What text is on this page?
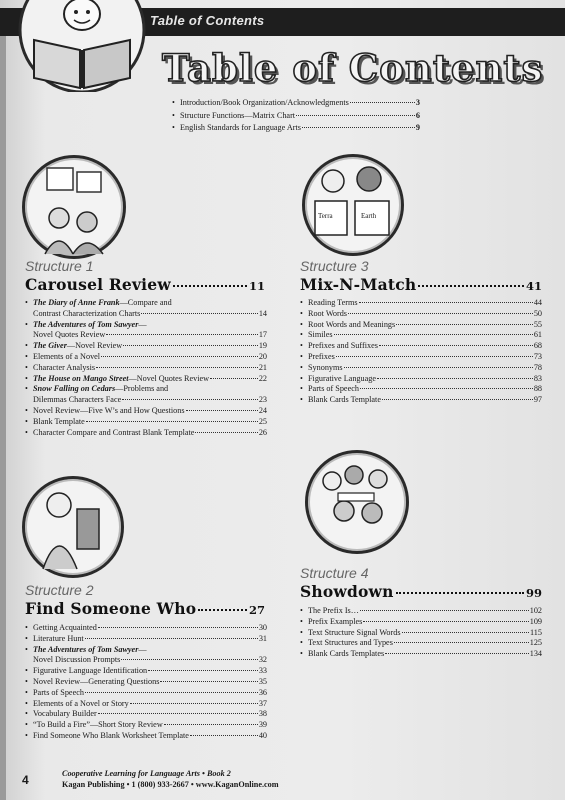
Table of Contents
Table of Contents
• Introduction/Book Organization/Acknowledgments	3
• Structure Functions—Matrix Chart	6
• English Standards for Language Arts	9
Terra	Earth
Structure 1
Carousel Review	11
• The Diary of Anne Frank—Compare and
Contrast Characterization Charts	14
• The Adventures of Tom Sawyer—
Novel Quotes Review	17
• The Giver—Novel Review	19
• Elements of a Novel	20
• Character Analysis	21
• The House on Mango Street—Novel Quotes Review	22
• Snow Falling on Cedars—Problems and
Dilemmas Characters Face	23
• Novel Review—Five W’s and How Questions	24
• Blank Template	25
• Character Compare and Contrast Blank Template	26
Structure 2
Find Someone Who	27
• Getting Acquainted	30
• Literature Hunt	31
• The Adventures of Tom Sawyer—
Novel Discussion Prompts	32
• Figurative Language Identification	33
• Novel Review—Generating Questions	35
• Parts of Speech	36
• Elements of a Novel or Story	37
• Vocabulary Builder	38
• “To Build a Fire”—Short Story Review	39
• Find Someone Who Blank Worksheet Template	40
Structure 3
Mix-N-Match	41
• Reading Terms	44
• Root Words	50
• Root Words and Meanings	55
• Similes	61
• Prefixes and Suffixes	68
• Prefixes	73
• Synonyms	78
• Figurative Language	83
• Parts of Speech	88
• Blank Cards Template	97
Structure 4
Showdown	99
• The Prefix Is…	102
• Prefix Examples	109
• Text Structure Signal Words	115
• Text Structures and Types	125
• Blank Cards Templates	134
4	Cooperative Learning for Language Arts • Book 2
Kagan Publishing • 1 (800) 933-2667 • www.KaganOnline.com
